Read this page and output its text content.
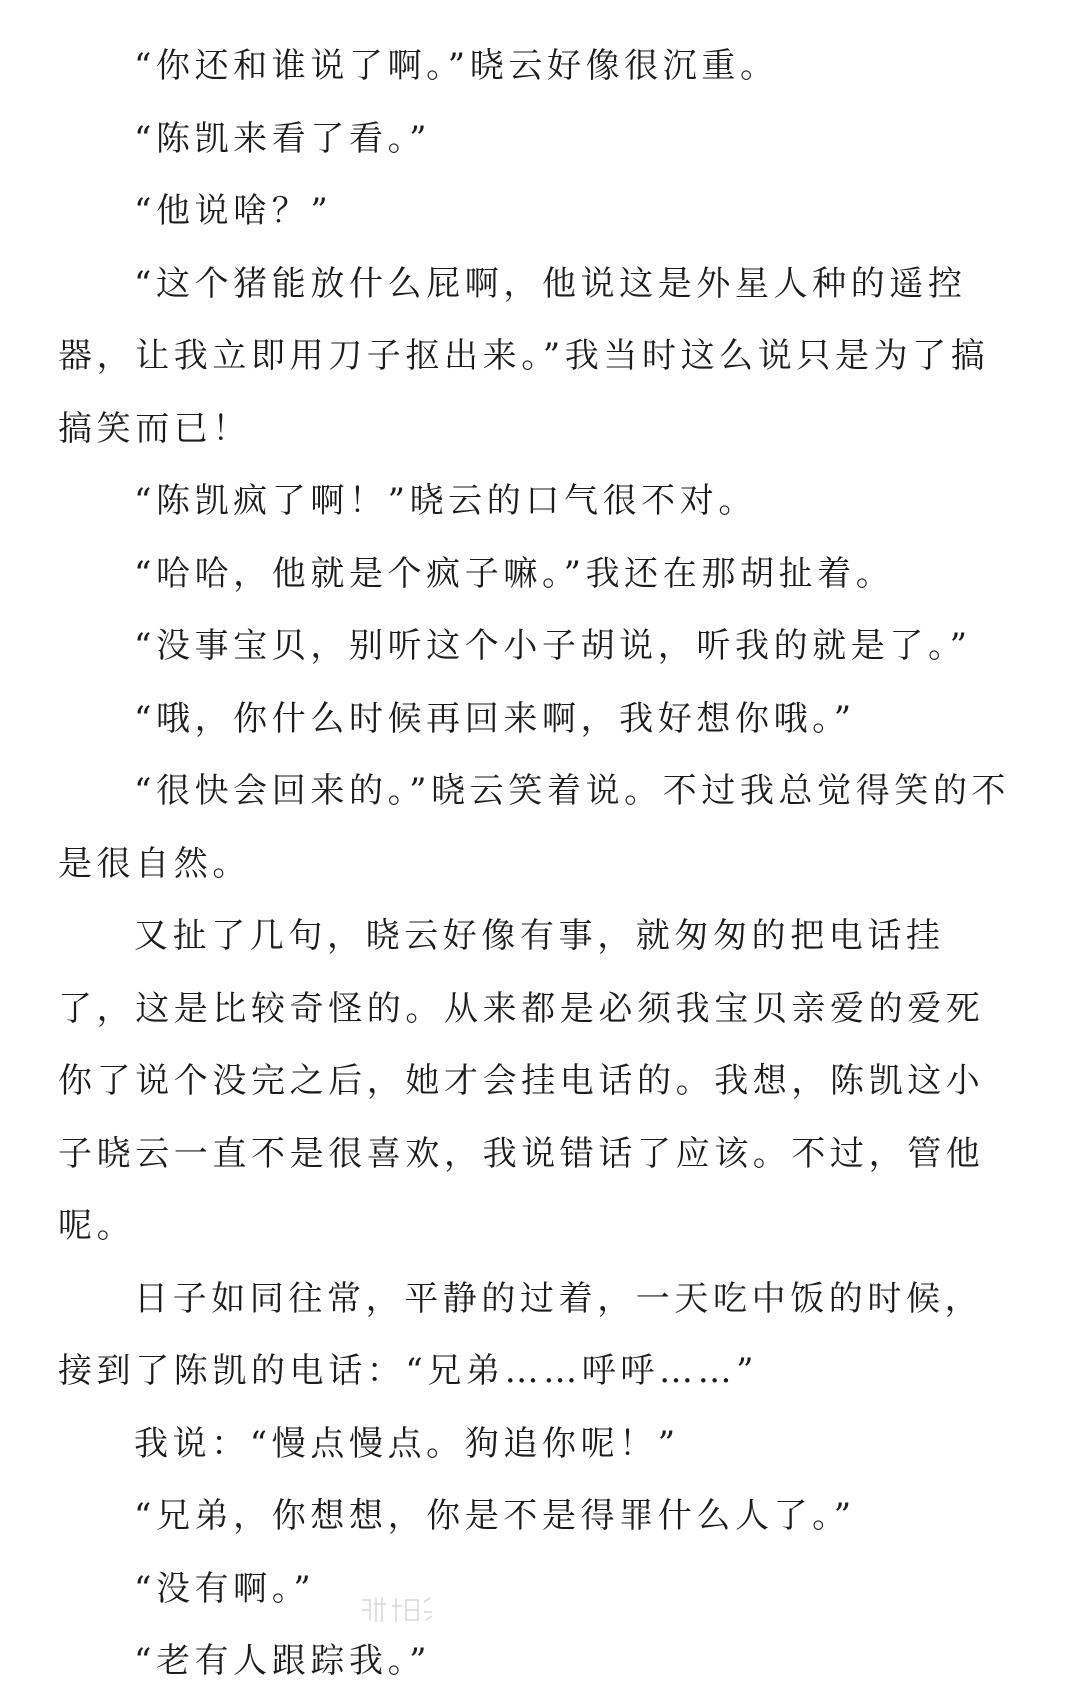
“你还和谁说了啊。”晓云好像很沉重。

“陈凯来看了看。”

“他说啥？”

“这个猪能放什么屁啊，他说这是外星人种的遥控器，让我立即用刀子抠出来。”我当时这么说只是为了搞搞笑而已！

“陈凯疯了啊！”晓云的口气很不对。

“哈哈，他就是个疯子嘛。”我还在那胡扯着。

“没事宝贝，别听这个小子胡说，听我的就是了。”

“哦，你什么时候再回来啊，我好想你哦。”

“很快会回来的。”晓云笑着说。不过我总觉得笑的不是很自然。

又扯了几句，晓云好像有事，就匆匆的把电话挂了，这是比较奇怪的。从来都是必须我宝贝亲爱的爱死你了说个没完之后，她才会挂电话的。我想，陈凯这小子晓云一直不是很喜欢，我说错话了应该。不过，管他呢。

日子如同往常，平静的过着，一天吃中饭的时候，接到了陈凯的电话：“兄弟……呼呼……”

我说：“慢点慢点。狗追你呢！”

“兄弟，你想想，你是不是得罪什么人了。”

“没有啊。”

“老有人跟踪我。”
